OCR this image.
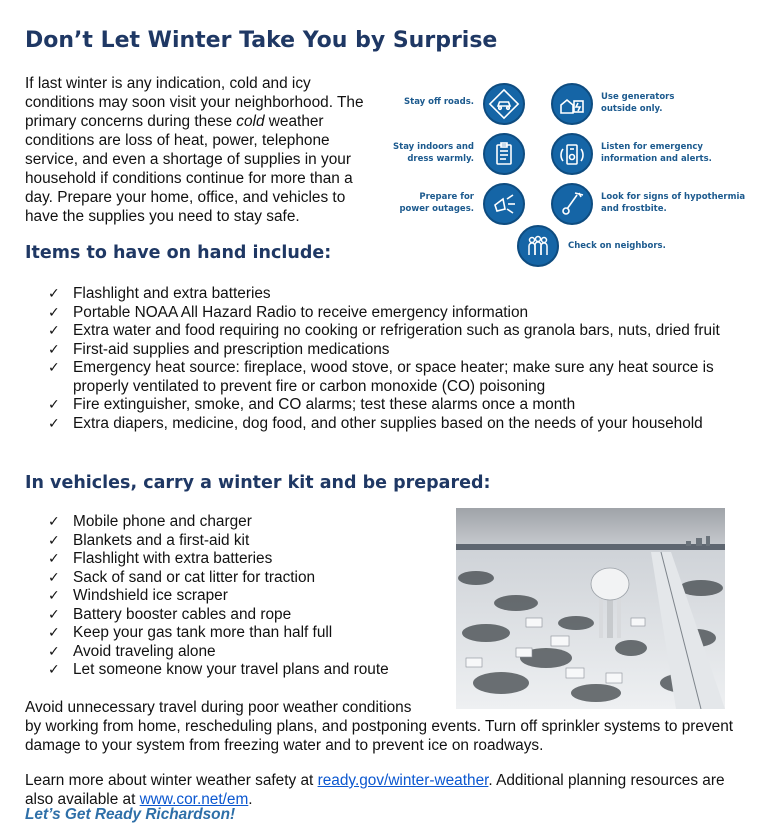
Don’t Let Winter Take You by Surprise

If last winter is any indication, cold and icy conditions may soon visit your neighborhood. The primary concerns during these cold weather conditions are loss of heat, power, telephone service, and even a shortage of supplies in your household if conditions continue for more than a day. Prepare your home, office, and vehicles to have the supplies you need to stay safe.

Stay off roads.
Stay indoors and
dress warmly.
Prepare for
power outages.
Use generators
outside only.
Listen for emergency
information and alerts.
Look for signs of hypothermia
and frostbite.
Check on neighbors.
Items to have on hand include:
✓ Flashlight and extra batteries
✓ Portable NOAA All Hazard Radio to receive emergency information
✓ Extra water and food requiring no cooking or refrigeration such as granola bars, nuts, dried fruit
✓ First-aid supplies and prescription medications
✓ Emergency heat source: fireplace, wood stove, or space heater; make sure any heat source is properly ventilated to prevent fire or carbon monoxide (CO) poisoning
✓ Fire extinguisher, smoke, and CO alarms; test these alarms once a month
✓ Extra diapers, medicine, dog food, and other supplies based on the needs of your household
In vehicles, carry a winter kit and be prepared:
✓ Mobile phone and charger
✓ Blankets and a first-aid kit
✓ Flashlight with extra batteries
✓ Sack of sand or cat litter for traction
✓ Windshield ice scraper
✓ Battery booster cables and rope
✓ Keep your gas tank more than half full
✓ Avoid traveling alone
✓ Let someone know your travel plans and route

Avoid unnecessary travel during poor weather conditions
by working from home, rescheduling plans, and postponing events. Turn off sprinkler systems to prevent damage to your system from freezing water and to prevent ice on roadways.

Learn more about winter weather safety at ready.gov/winter-weather. Additional planning resources are also available at www.cor.net/em.

Let’s Get Ready Richardson!
